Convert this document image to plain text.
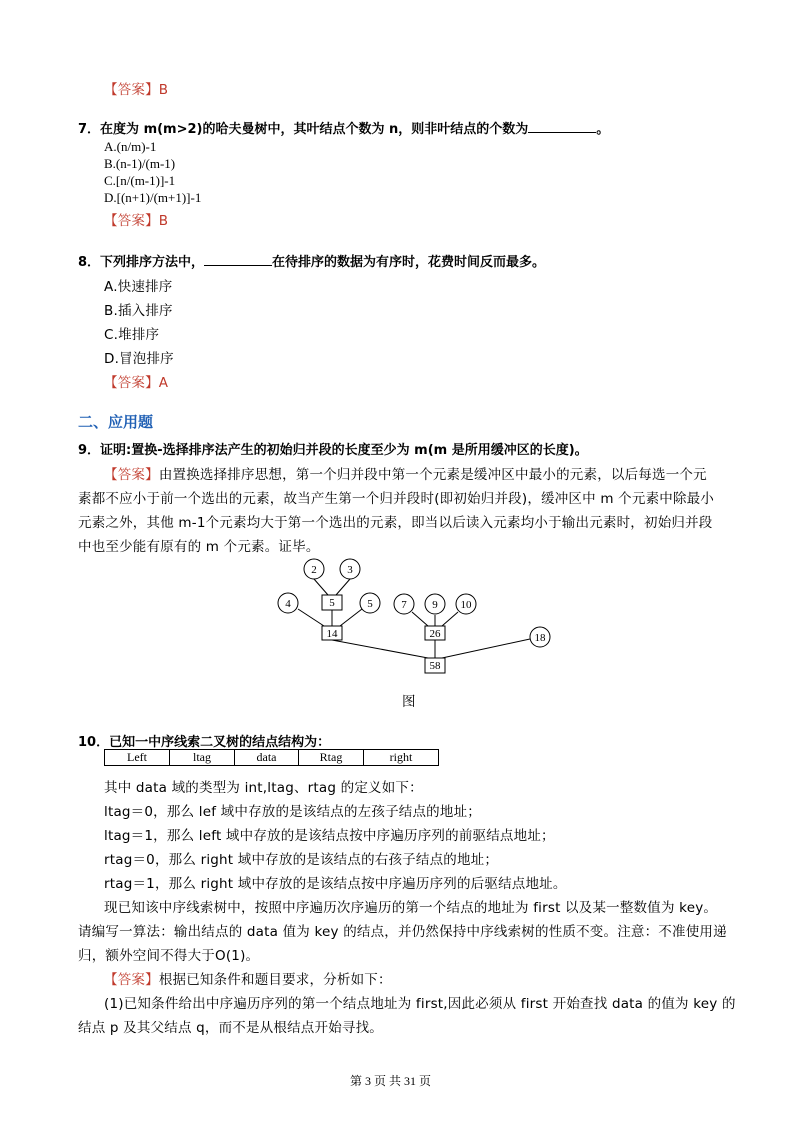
【答案】B
7．在度为 m(m>2)的哈夫曼树中，其叶结点个数为 n，则非叶结点的个数为	。
A.(n/m)-1
B.(n-1)/(m-1)
C.[n/(m-1)]-1
D.[(n+1)/(m+1)]-1
【答案】B
8．下列排序方法中，	在待排序的数据为有序时，花费时间反而最多。
A.快速排序
B.插入排序
C.堆排序
D.冒泡排序
【答案】A
二、应用题
9．证明:置换-选择排序法产生的初始归并段的长度至少为 m(m 是所用缓冲区的长度)。
【答案】由置换选择排序思想，第一个归并段中第一个元素是缓冲区中最小的元素，以后每选一个元
素都不应小于前一个选出的元素，故当产生第一个归并段时(即初始归并段)，缓冲区中 m 个元素中除最小
元素之外，其他 m-1个元素均大于第一个选出的元素，即当以后读入元素均小于输出元素时，初始归并段
中也至少能有原有的 m 个元素。证毕。
2	3
4	5	7 9 10
18
5
14	26
58
图
10．已知一中序线索二叉树的结点结构为：
Left	ltag	data	Rtag	right
其中 data 域的类型为 int,ltag、rtag 的定义如下：
ltag＝0，那么 lef 域中存放的是该结点的左孩子结点的地址；
ltag＝1，那么 left 域中存放的是该结点按中序遍历序列的前驱结点地址；
rtag＝0，那么 right 域中存放的是该结点的右孩子结点的地址；
rtag＝1，那么 right 域中存放的是该结点按中序遍历序列的后驱结点地址。
现已知该中序线索树中，按照中序遍历次序遍历的第一个结点的地址为 first 以及某一整数值为 key。
请编写一算法：输出结点的 data 值为 key 的结点，并仍然保持中序线索树的性质不变。注意：不准使用递
归，额外空间不得大于O(1)。
【答案】根据已知条件和题目要求，分析如下：
(1)已知条件给出中序遍历序列的第一个结点地址为 first,因此必须从 first 开始查找 data 的值为 key 的
结点 p 及其父结点 q，而不是从根结点开始寻找。
第 3 页 共 31 页
